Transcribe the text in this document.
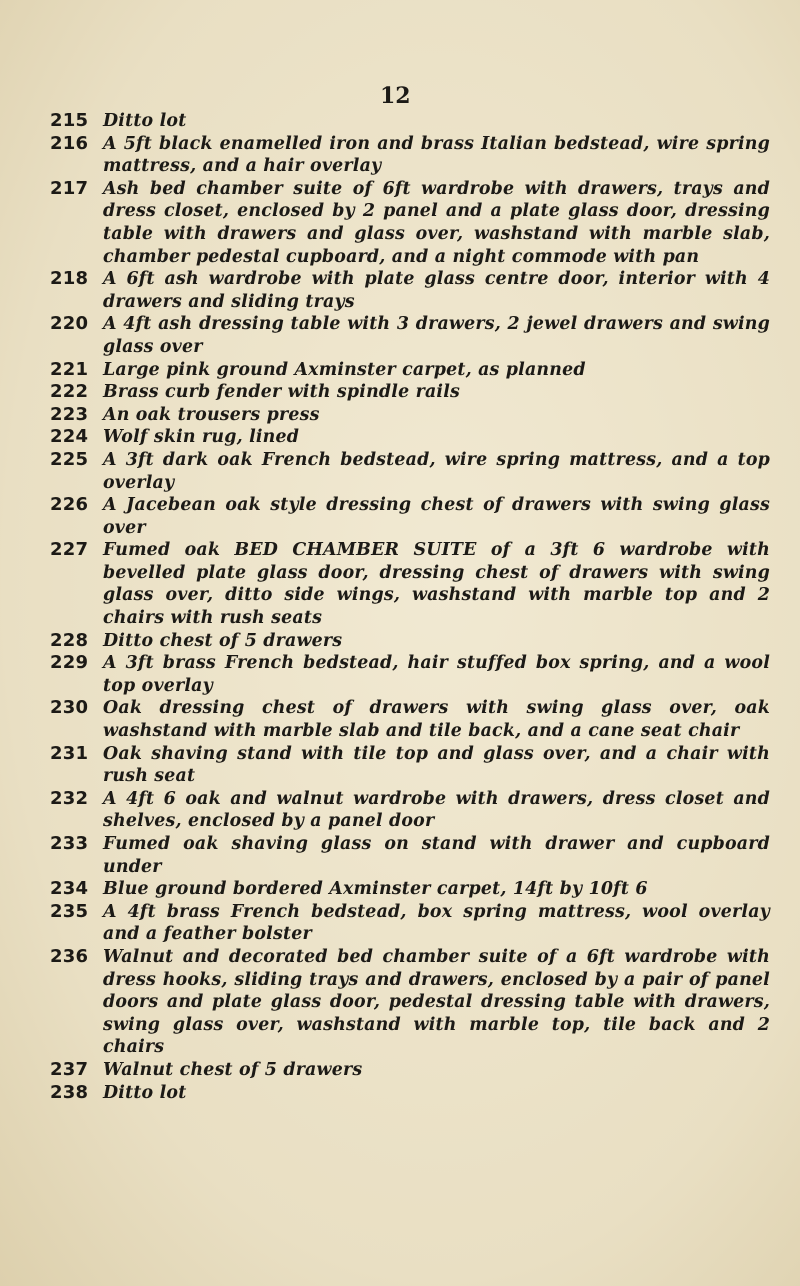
12
215 Ditto lot
216 A 5ft black enamelled iron and brass Italian bedstead, wire spring mattress, and a hair overlay
217 Ash bed chamber suite of 6ft wardrobe with drawers, trays and dress closet, enclosed by 2 panel and a plate glass door, dressing table with drawers and glass over, washstand with marble slab, chamber pedestal cupboard, and a night commode with pan
218 A 6ft ash wardrobe with plate glass centre door, interior with 4 drawers and sliding trays
220 A 4ft ash dressing table with 3 drawers, 2 jewel drawers and swing glass over
221 Large pink ground Axminster carpet, as planned
222 Brass curb fender with spindle rails
223 An oak trousers press
224 Wolf skin rug, lined
225 A 3ft dark oak French bedstead, wire spring mattress, and a top overlay
226 A Jacebean oak style dressing chest of drawers with swing glass over
227 Fumed oak BED CHAMBER SUITE of a 3ft 6 wardrobe with bevelled plate glass door, dressing chest of drawers with swing glass over, ditto side wings, washstand with marble top and 2 chairs with rush seats
228 Ditto chest of 5 drawers
229 A 3ft brass French bedstead, hair stuffed box spring, and a wool top overlay
230 Oak dressing chest of drawers with swing glass over, oak washstand with marble slab and tile back, and a cane seat chair
231 Oak shaving stand with tile top and glass over, and a chair with rush seat
232 A 4ft 6 oak and walnut wardrobe with drawers, dress closet and shelves, enclosed by a panel door
233 Fumed oak shaving glass on stand with drawer and cupboard under
234 Blue ground bordered Axminster carpet, 14ft by 10ft 6
235 A 4ft brass French bedstead, box spring mattress, wool overlay and a feather bolster
236 Walnut and decorated bed chamber suite of a 6ft wardrobe with dress hooks, sliding trays and drawers, enclosed by a pair of panel doors and plate glass door, pedestal dressing table with drawers, swing glass over, washstand with marble top, tile back and 2 chairs
237 Walnut chest of 5 drawers
238 Ditto lot
